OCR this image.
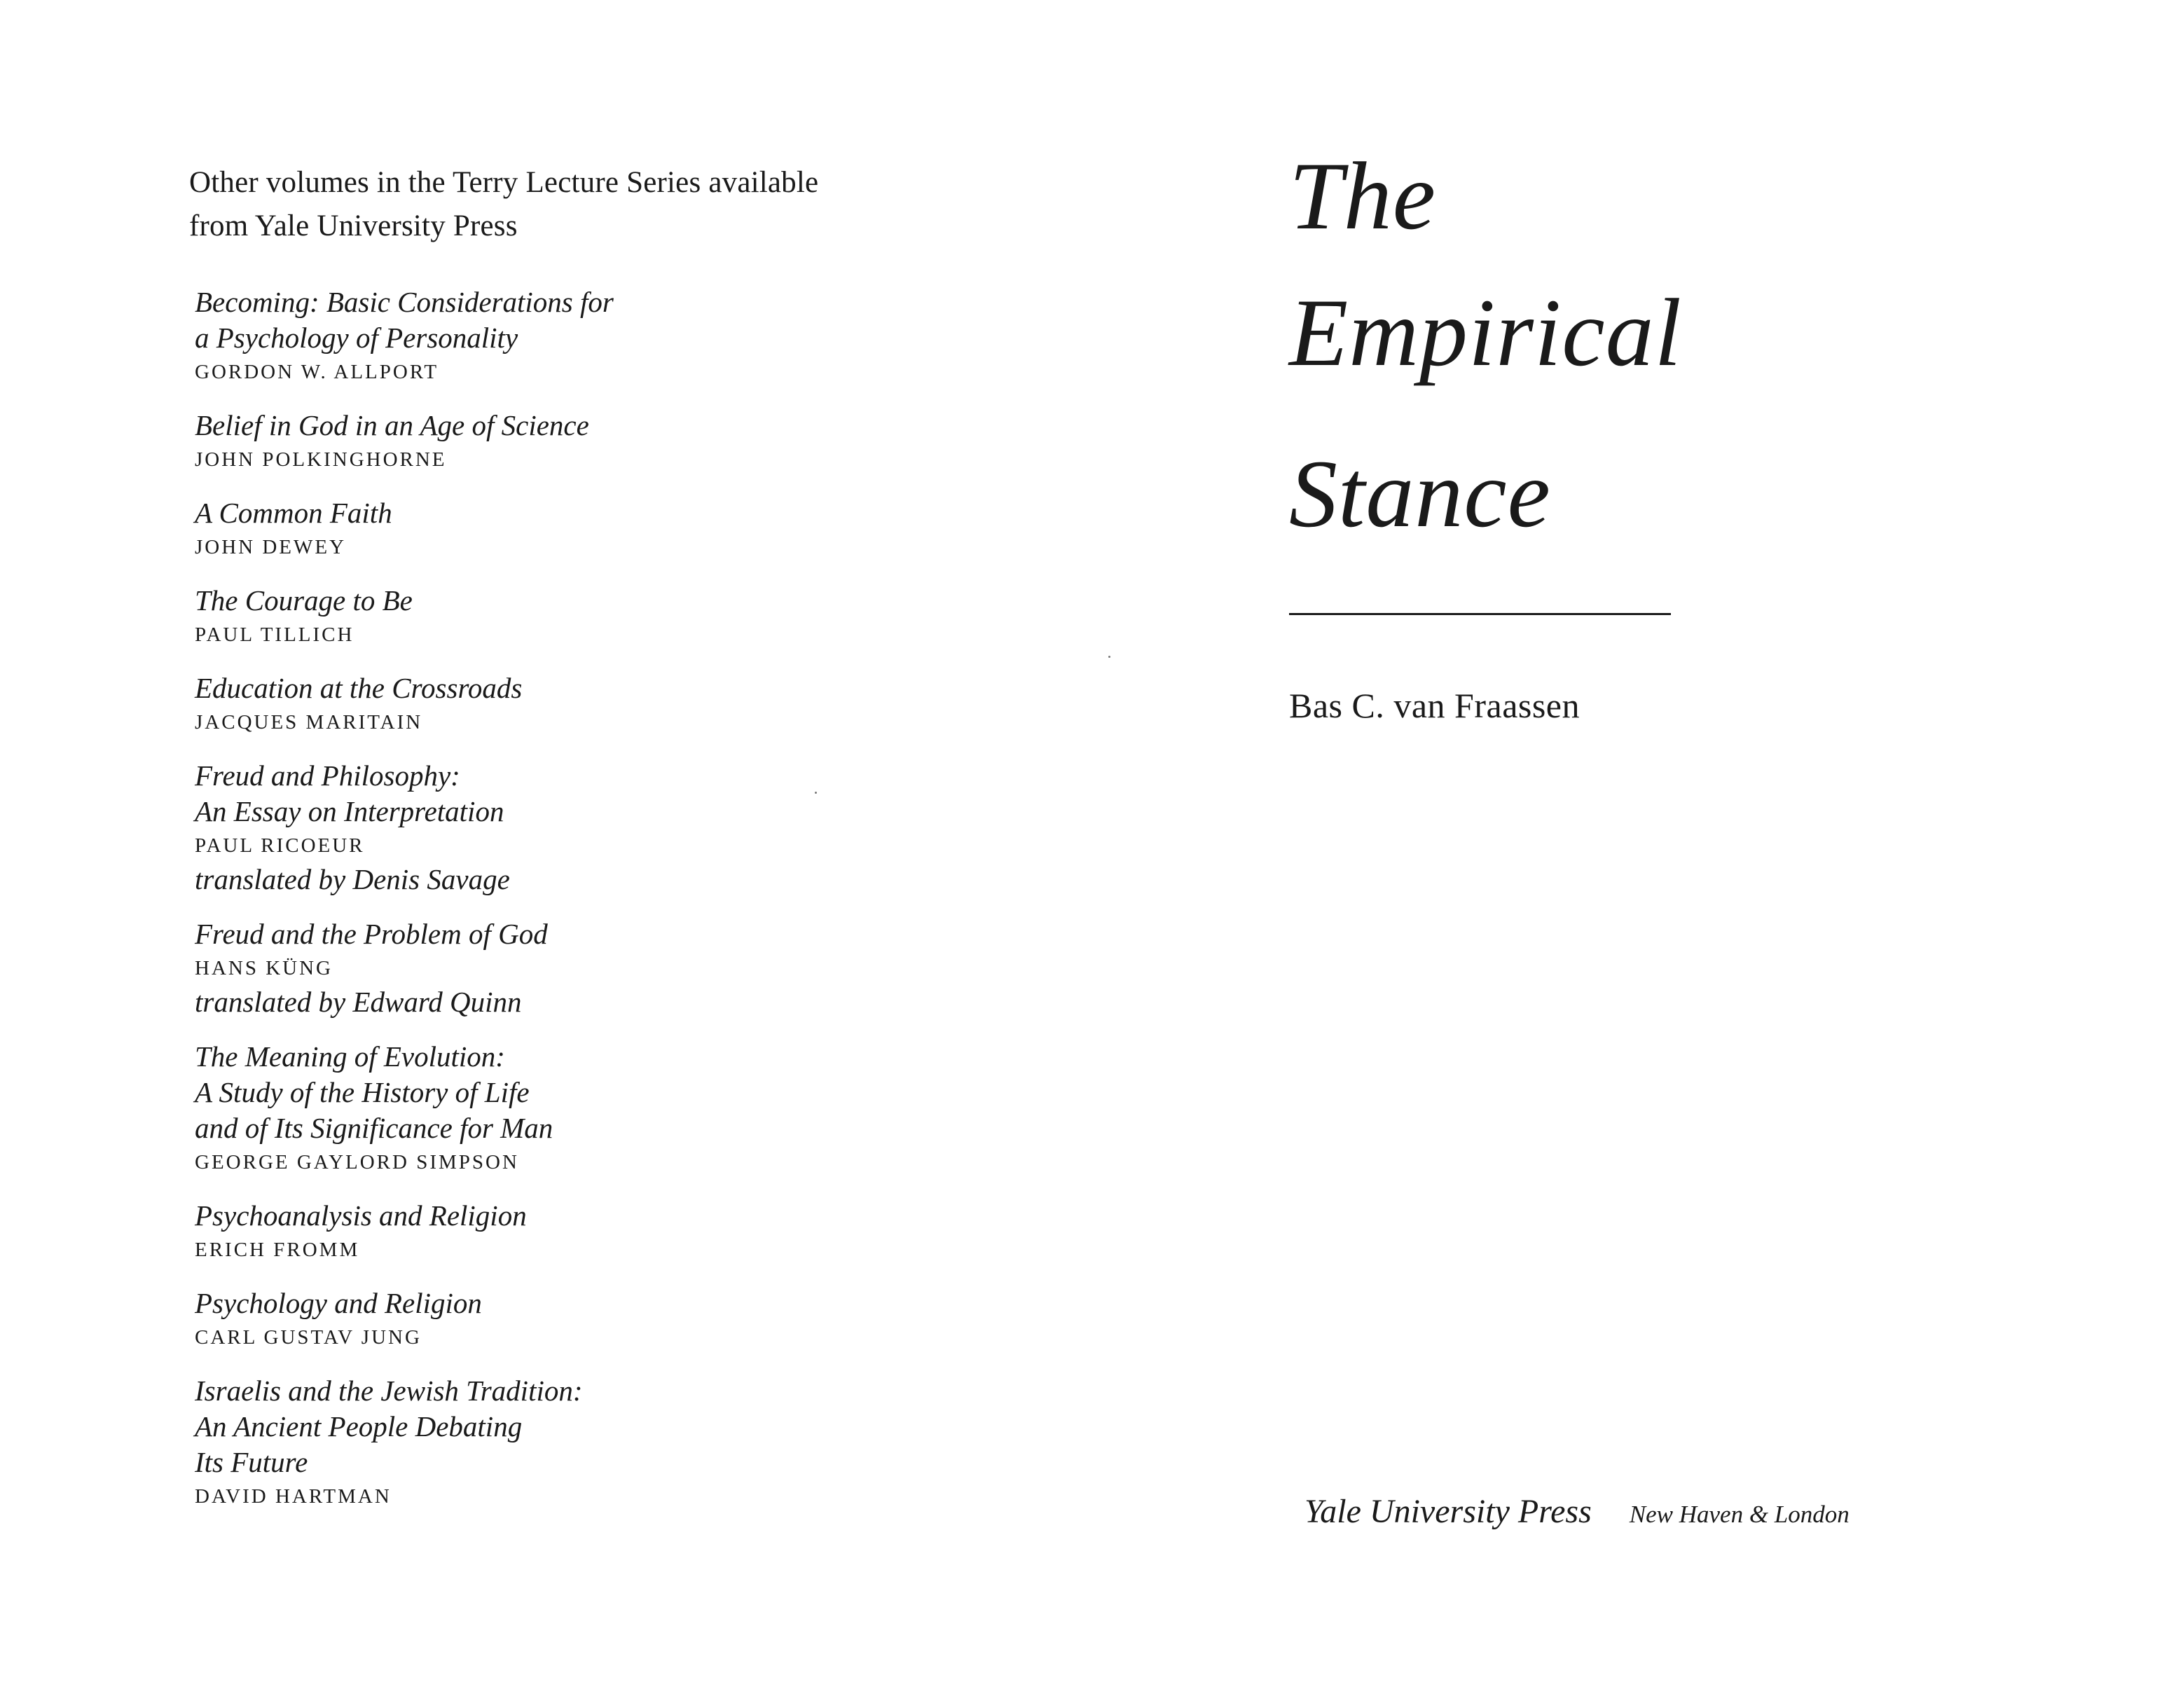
Other volumes in the Terry Lecture Series available
from Yale University Press
Becoming: Basic Considerations for
a Psychology of Personality
GORDON W. ALLPORT
Belief in God in an Age of Science
JOHN POLKINGHORNE
A Common Faith
JOHN DEWEY
The Courage to Be
PAUL TILLICH
Education at the Crossroads
JACQUES MARITAIN
Freud and Philosophy:
An Essay on Interpretation
PAUL RICOEUR
translated by Denis Savage
Freud and the Problem of God
HANS KÜNG
translated by Edward Quinn
The Meaning of Evolution:
A Study of the History of Life
and of Its Significance for Man
GEORGE GAYLORD SIMPSON
Psychoanalysis and Religion
ERICH FROMM
Psychology and Religion
CARL GUSTAV JUNG
Israelis and the Jewish Tradition:
An Ancient People Debating
Its Future
DAVID HARTMAN
The
Empirical
Stance
Bas C. van Fraassen
Yale University Press New Haven & London
